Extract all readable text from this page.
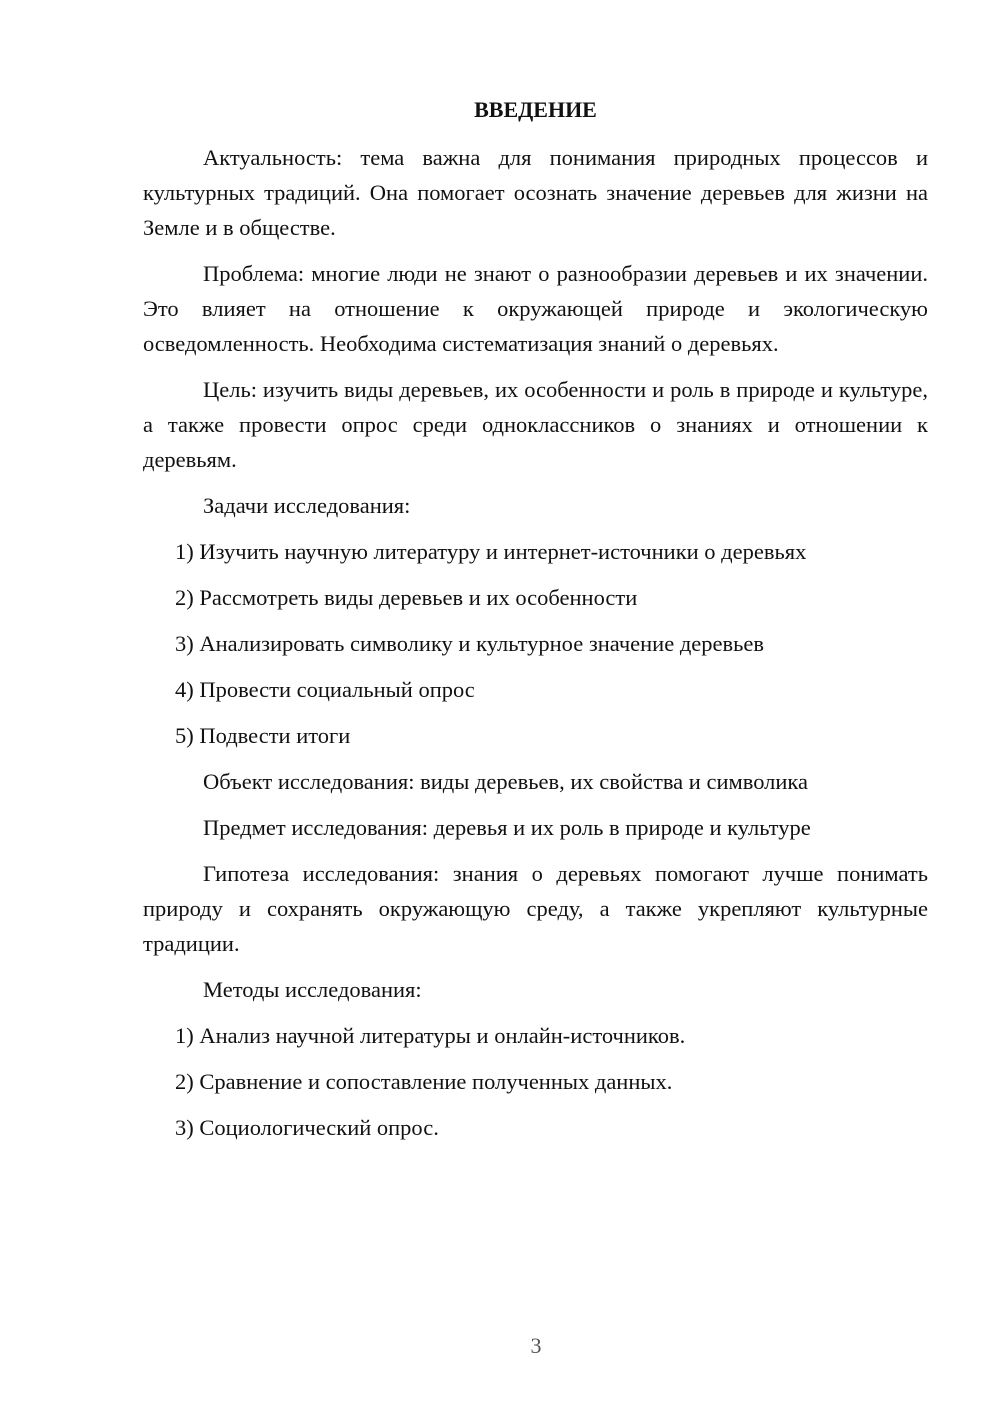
ВВЕДЕНИЕ
Актуальность: тема важна для понимания природных процессов и культурных традиций. Она помогает осознать значение деревьев для жизни на Земле и в обществе.
Проблема: многие люди не знают о разнообразии деревьев и их значении. Это влияет на отношение к окружающей природе и экологическую осведомленность. Необходима систематизация знаний о деревьях.
Цель: изучить виды деревьев, их особенности и роль в природе и культуре, а также провести опрос среди одноклассников о знаниях и отношении к деревьям.
Задачи исследования:
1) Изучить научную литературу и интернет-источники о деревьях
2) Рассмотреть виды деревьев и их особенности
3) Анализировать символику и культурное значение деревьев
4) Провести социальный опрос
5) Подвести итоги
Объект исследования: виды деревьев, их свойства и символика
Предмет исследования: деревья и их роль в природе и культуре
Гипотеза исследования: знания о деревьях помогают лучше понимать природу и сохранять окружающую среду, а также укрепляют культурные традиции.
Методы исследования:
1) Анализ научной литературы и онлайн-источников.
2) Сравнение и сопоставление полученных данных.
3) Социологический опрос.
3
